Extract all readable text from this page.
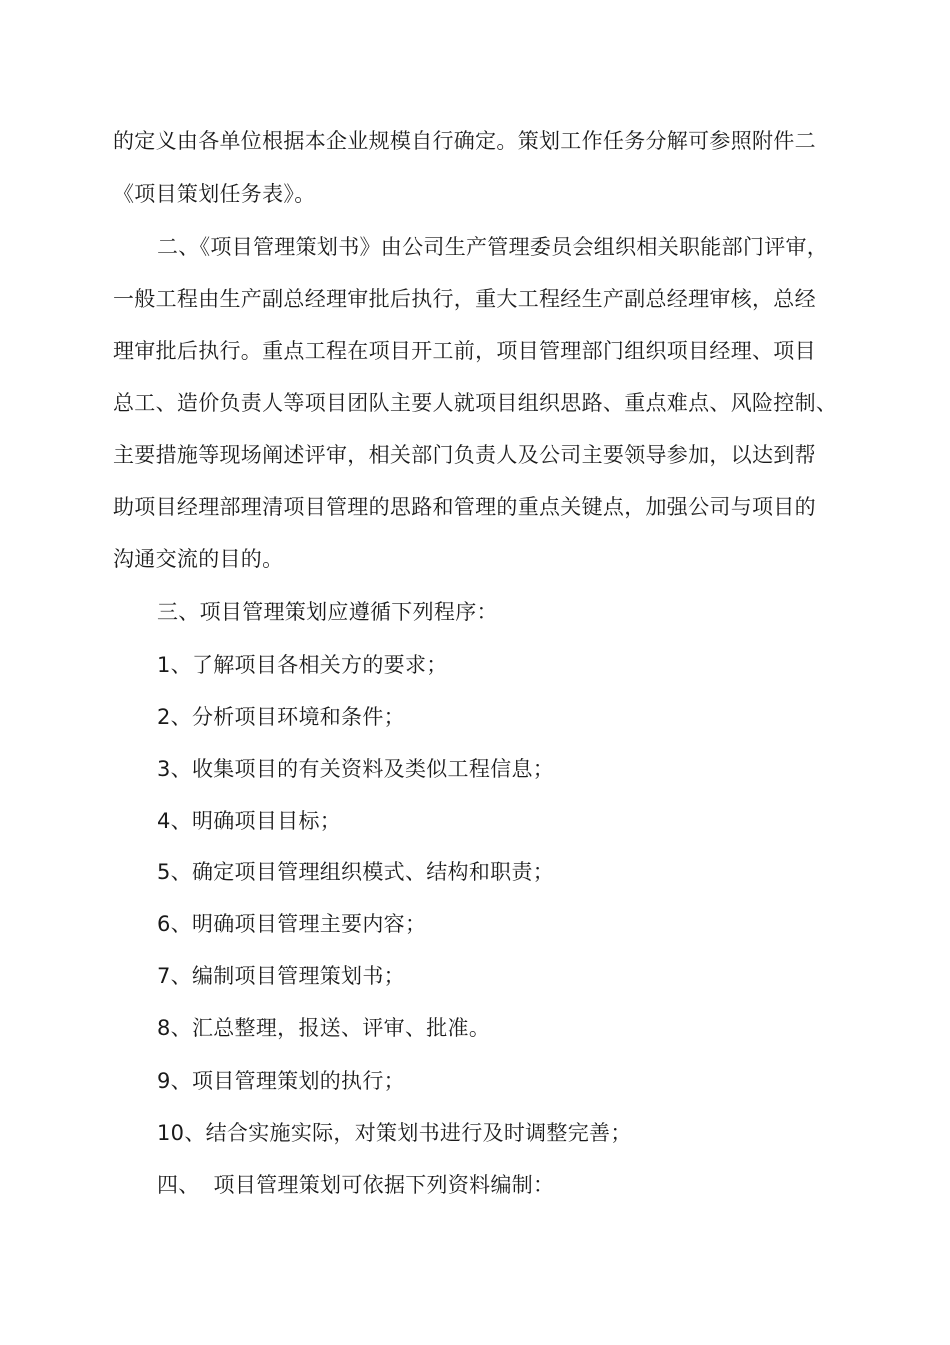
的定义由各单位根据本企业规模自行确定。策划工作任务分解可参照附件二
《项目策划任务表》。
二、《项目管理策划书》由公司生产管理委员会组织相关职能部门评审，
一般工程由生产副总经理审批后执行，重大工程经生产副总经理审核，总经
理审批后执行。重点工程在项目开工前，项目管理部门组织项目经理、项目
总工、造价负责人等项目团队主要人就项目组织思路、重点难点、风险控制、
主要措施等现场阐述评审，相关部门负责人及公司主要领导参加，以达到帮
助项目经理部理清项目管理的思路和管理的重点关键点，加强公司与项目的
沟通交流的目的。
三、项目管理策划应遵循下列程序：
1、了解项目各相关方的要求；
2、分析项目环境和条件；
3、收集项目的有关资料及类似工程信息；
4、明确项目目标；
5、确定项目管理组织模式、结构和职责；
6、明确项目管理主要内容；
7、编制项目管理策划书；
8、汇总整理，报送、评审、批准。
9、项目管理策划的执行；
10、结合实施实际，对策划书进行及时调整完善；
四、  项目管理策划可依据下列资料编制：
